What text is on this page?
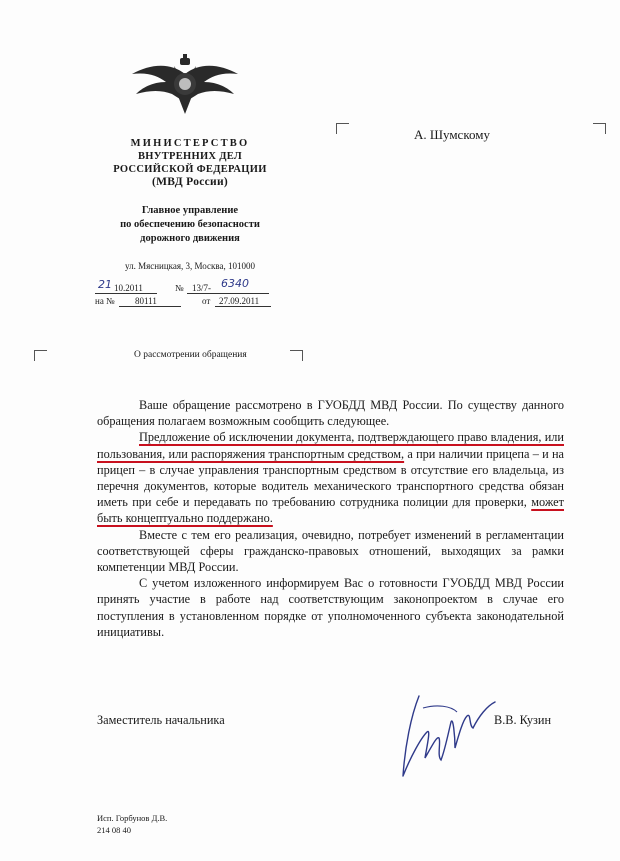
МИНИСТЕРСТВО
ВНУТРЕННИХ ДЕЛ
РОССИЙСКОЙ ФЕДЕРАЦИИ
(МВД России)
Главное управление
по обеспечению безопасности
дорожного движения
ул. Мясницкая, 3, Москва, 101000
21 10.2011	№ 13/7- 6340
на № 80111	от 27.09.2011
А. Шумскому
О рассмотрении обращения

Ваше обращение рассмотрено в ГУОБДД МВД России. По существу данного обращения полагаем возможным сообщить следующее.

Предложение об исключении документа, подтверждающего право владения, или пользования, или распоряжения транспортным средством, а при наличии прицепа – и на прицеп – в случае управления транспортным средством в отсутствие его владельца, из перечня документов, которые водитель механического транспортного средства обязан иметь при себе и передавать по требованию сотрудника полиции для проверки, может быть концептуально поддержано.

Вместе с тем его реализация, очевидно, потребует изменений в регламентации соответствующей сферы гражданско-правовых отношений, выходящих за рамки компетенции МВД России.

С учетом изложенного информируем Вас о готовности ГУОБДД МВД России принять участие в работе над соответствующим законопроектом в случае его поступления в установленном порядке от уполномоченного субъекта законодательной инициативы.

Заместитель начальника	В.В. Кузин
Исп. Горбунов Д.В.
214 08 40
